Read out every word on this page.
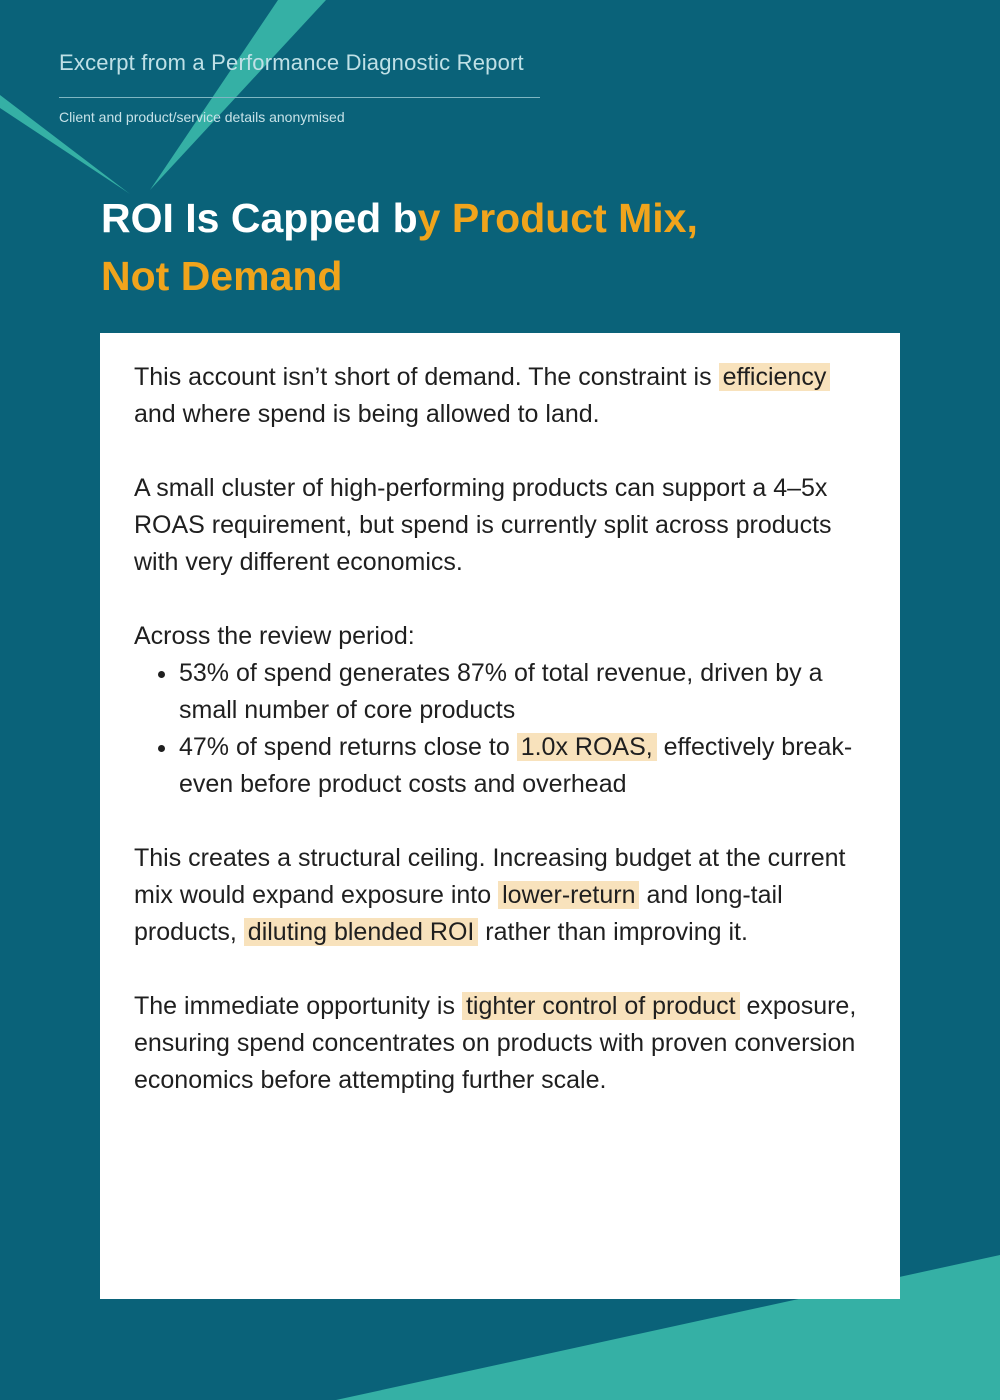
Excerpt from a Performance Diagnostic Report
Client and product/service details anonymised
ROI Is Capped by Product Mix,
Not Demand

This account isn’t short of demand. The constraint is efficiency and where spend is being allowed to land.

A small cluster of high-performing products can support a 4–5x ROAS requirement, but spend is currently split across products with very different economics.

Across the review period:

• 53% of spend generates 87% of total revenue, driven by a small number of core products
• 47% of spend returns close to 1.0x ROAS, effectively break-even before product costs and overhead

This creates a structural ceiling. Increasing budget at the current mix would expand exposure into lower-return and long-tail products, diluting blended ROI rather than improving it.

The immediate opportunity is tighter control of product exposure, ensuring spend concentrates on products with proven conversion economics before attempting further scale.
